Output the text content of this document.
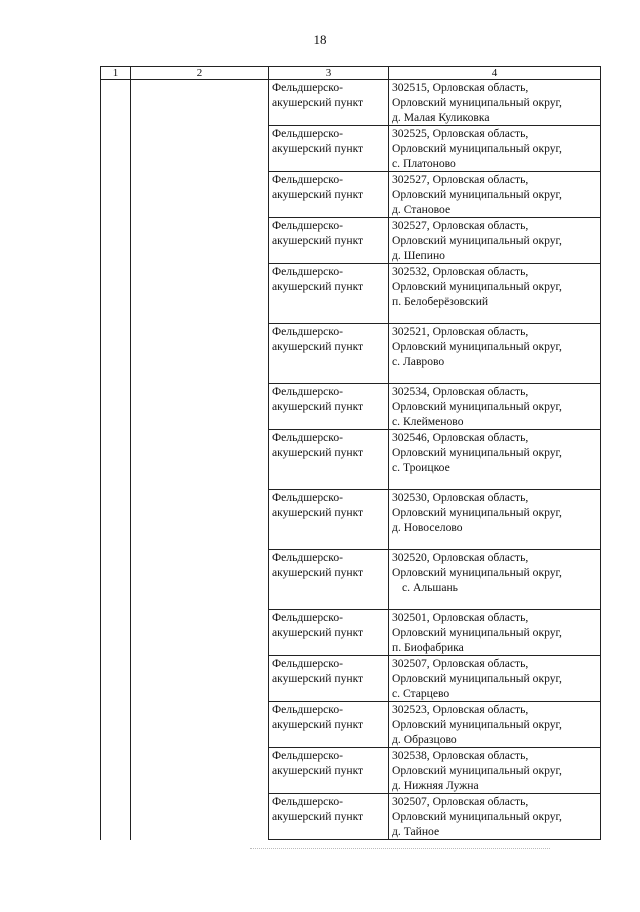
18
1	2	3	4

		Фельдшерско-
акушерский пункт	302515, Орловская область,
Орловский муниципальный округ,
д. Малая Куликовка

		Фельдшерско-
акушерский пункт	302525, Орловская область,
Орловский муниципальный округ,
с. Платоново

		Фельдшерско-
акушерский пункт	302527, Орловская область,
Орловский муниципальный округ,
д. Становое

		Фельдшерско-
акушерский пункт	302527, Орловская область,
Орловский муниципальный округ,
д. Шепино

		Фельдшерско-
акушерский пункт	302532, Орловская область,
Орловский муниципальный округ,
п. Белоберёзовский

		Фельдшерско-
акушерский пункт	302521, Орловская область,
Орловский муниципальный округ,
с. Лаврово

		Фельдшерско-
акушерский пункт	302534, Орловская область,
Орловский муниципальный округ,
с. Клейменово

		Фельдшерско-
акушерский пункт	302546, Орловская область,
Орловский муниципальный округ,
с. Троицкое

		Фельдшерско-
акушерский пункт	302530, Орловская область,
Орловский муниципальный округ,
д. Новоселово

		Фельдшерско-
акушерский пункт	302520, Орловская область,
Орловский муниципальный округ,
с. Альшань

		Фельдшерско-
акушерский пункт	302501, Орловская область,
Орловский муниципальный округ,
п. Биофабрика

		Фельдшерско-
акушерский пункт	302507, Орловская область,
Орловский муниципальный округ,
с. Старцево

		Фельдшерско-
акушерский пункт	302523, Орловская область,
Орловский муниципальный округ,
д. Образцово

		Фельдшерско-
акушерский пункт	302538, Орловская область,
Орловский муниципальный округ,
д. Нижняя Лужна

		Фельдшерско-
акушерский пункт	302507, Орловская область,
Орловский муниципальный округ,
д. Тайное
